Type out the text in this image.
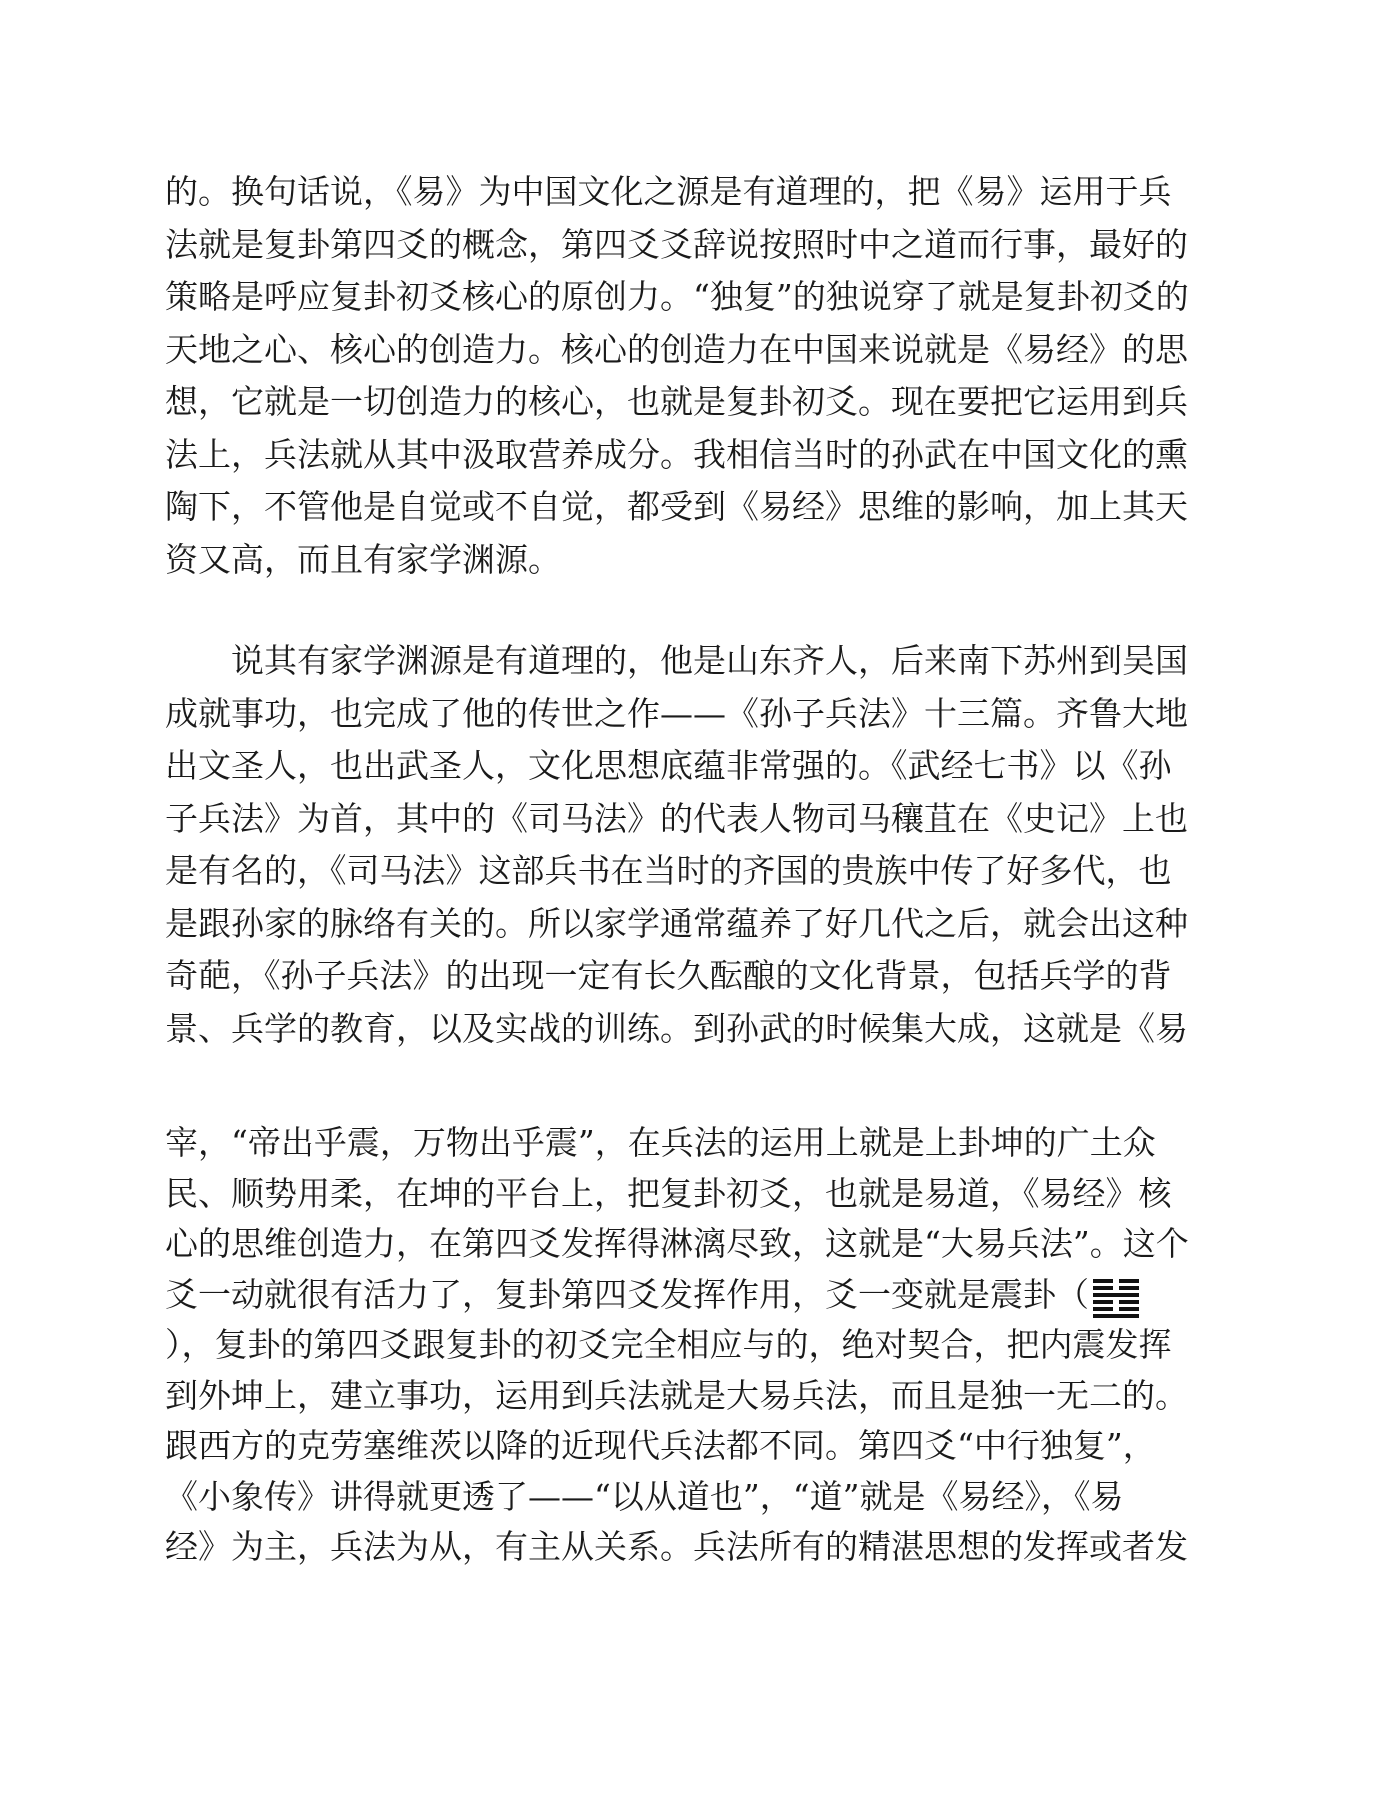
的。换句话说，《易》为中国文化之源是有道理的，把《易》运用于兵
法就是复卦第四爻的概念，第四爻爻辞说按照时中之道而行事，最好的
策略是呼应复卦初爻核心的原创力。“独复”的独说穿了就是复卦初爻的
天地之心、核心的创造力。核心的创造力在中国来说就是《易经》的思
想，它就是一切创造力的核心，也就是复卦初爻。现在要把它运用到兵
法上，兵法就从其中汲取营养成分。我相信当时的孙武在中国文化的熏
陶下，不管他是自觉或不自觉，都受到《易经》思维的影响，加上其天
资又高，而且有家学渊源。
说其有家学渊源是有道理的，他是山东齐人，后来南下苏州到吴国
成就事功，也完成了他的传世之作——《孙子兵法》十三篇。齐鲁大地
出文圣人，也出武圣人，文化思想底蕴非常强的。《武经七书》以《孙
子兵法》为首，其中的《司马法》的代表人物司马穰苴在《史记》上也
是有名的，《司马法》这部兵书在当时的齐国的贵族中传了好多代，也
是跟孙家的脉络有关的。所以家学通常蕴养了好几代之后，就会出这种
奇葩，《孙子兵法》的出现一定有长久酝酿的文化背景，包括兵学的背
景、兵学的教育，以及实战的训练。到孙武的时候集大成，这就是《易
宰，“帝出乎震，万物出乎震”，在兵法的运用上就是上卦坤的广土众
民、顺势用柔，在坤的平台上，把复卦初爻，也就是易道，《易经》核
心的思维创造力，在第四爻发挥得淋漓尽致，这就是“大易兵法”。这个
爻一动就很有活力了，复卦第四爻发挥作用，爻一变就是震卦（
），复卦的第四爻跟复卦的初爻完全相应与的，绝对契合，把内震发挥
到外坤上，建立事功，运用到兵法就是大易兵法，而且是独一无二的。
跟西方的克劳塞维茨以降的近现代兵法都不同。第四爻“中行独复”，
《小象传》讲得就更透了——“以从道也”，“道”就是《易经》，《易
经》为主，兵法为从，有主从关系。兵法所有的精湛思想的发挥或者发
